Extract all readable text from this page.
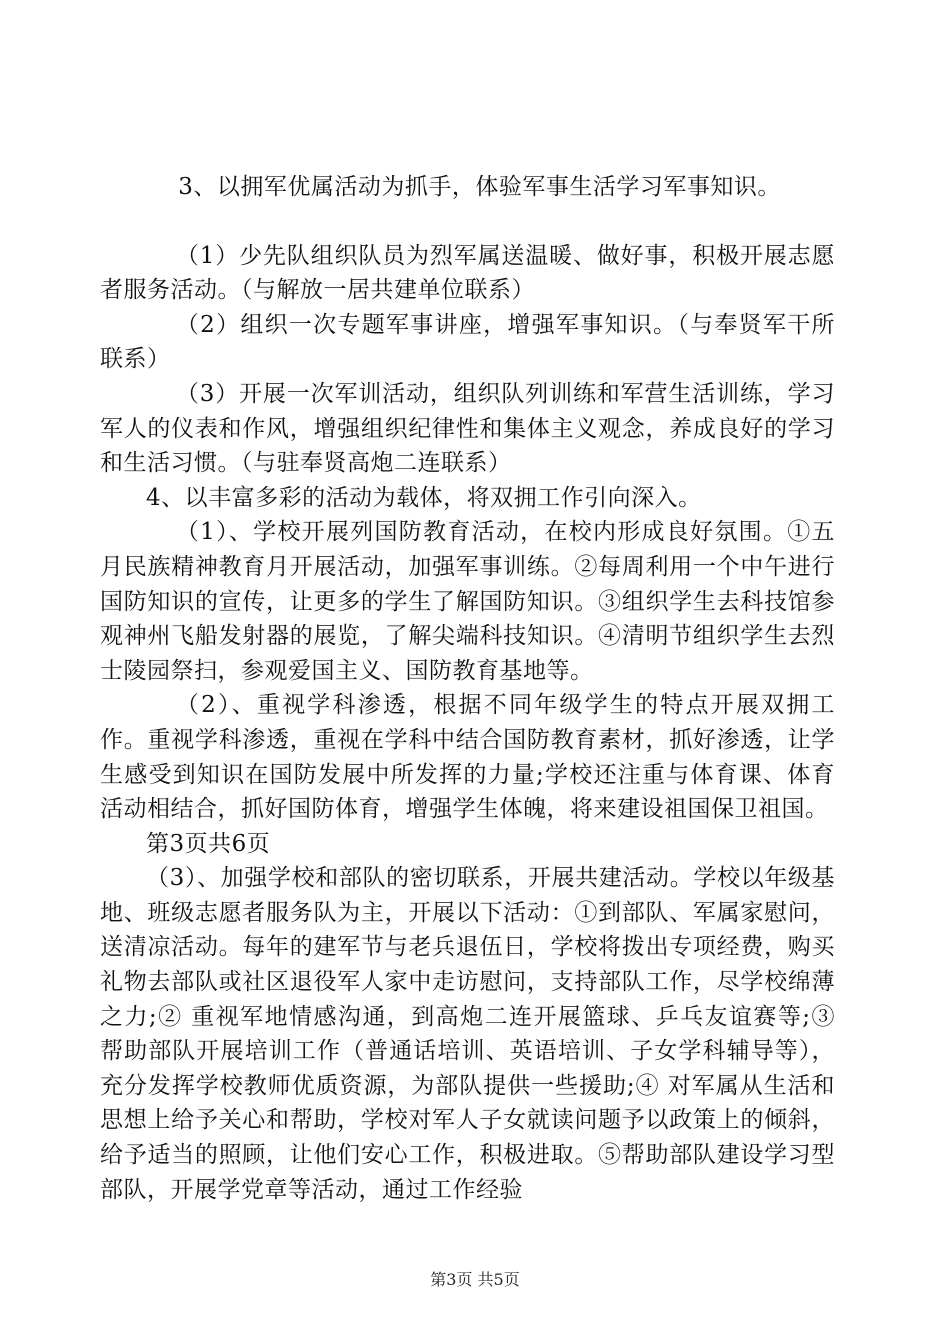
3、以拥军优属活动为抓手，体验军事生活学习军事知识。

（1）少先队组织队员为烈军属送温暖、做好事，积极开展志愿者服务活动。（与解放一居共建单位联系）

（2）组织一次专题军事讲座，增强军事知识。（与奉贤军干所联系）

（3）开展一次军训活动，组织队列训练和军营生活训练，学习军人的仪表和作风，增强组织纪律性和集体主义观念，养成良好的学习和生活习惯。（与驻奉贤高炮二连联系）

4、以丰富多彩的活动为载体，将双拥工作引向深入。

（1）、学校开展列国防教育活动，在校内形成良好氛围。①五月民族精神教育月开展活动，加强军事训练。②每周利用一个中午进行国防知识的宣传，让更多的学生了解国防知识。③组织学生去科技馆参观神州飞船发射器的展览，了解尖端科技知识。④清明节组织学生去烈士陵园祭扫，参观爱国主义、国防教育基地等。

（2）、重视学科渗透，根据不同年级学生的特点开展双拥工作。重视学科渗透，重视在学科中结合国防教育素材，抓好渗透，让学生感受到知识在国防发展中所发挥的力量;学校还注重与体育课、体育活动相结合，抓好国防体育，增强学生体魄，将来建设祖国保卫祖国。

第3页共6页

（3）、加强学校和部队的密切联系，开展共建活动。学校以年级基地、班级志愿者服务队为主，开展以下活动：①到部队、军属家慰问，送清凉活动。每年的建军节与老兵退伍日，学校将拨出专项经费，购买礼物去部队或社区退役军人家中走访慰问，支持部队工作，尽学校绵薄之力;② 重视军地情感沟通，到高炮二连开展篮球、乒乓友谊赛等;③ 帮助部队开展培训工作（普通话培训、英语培训、子女学科辅导等），充分发挥学校教师优质资源，为部队提供一些援助;④ 对军属从生活和思想上给予关心和帮助，学校对军人子女就读问题予以政策上的倾斜，给予适当的照顾，让他们安心工作，积极进取。⑤帮助部队建设学习型部队，开展学党章等活动，通过工作经验

第3页 共5页
